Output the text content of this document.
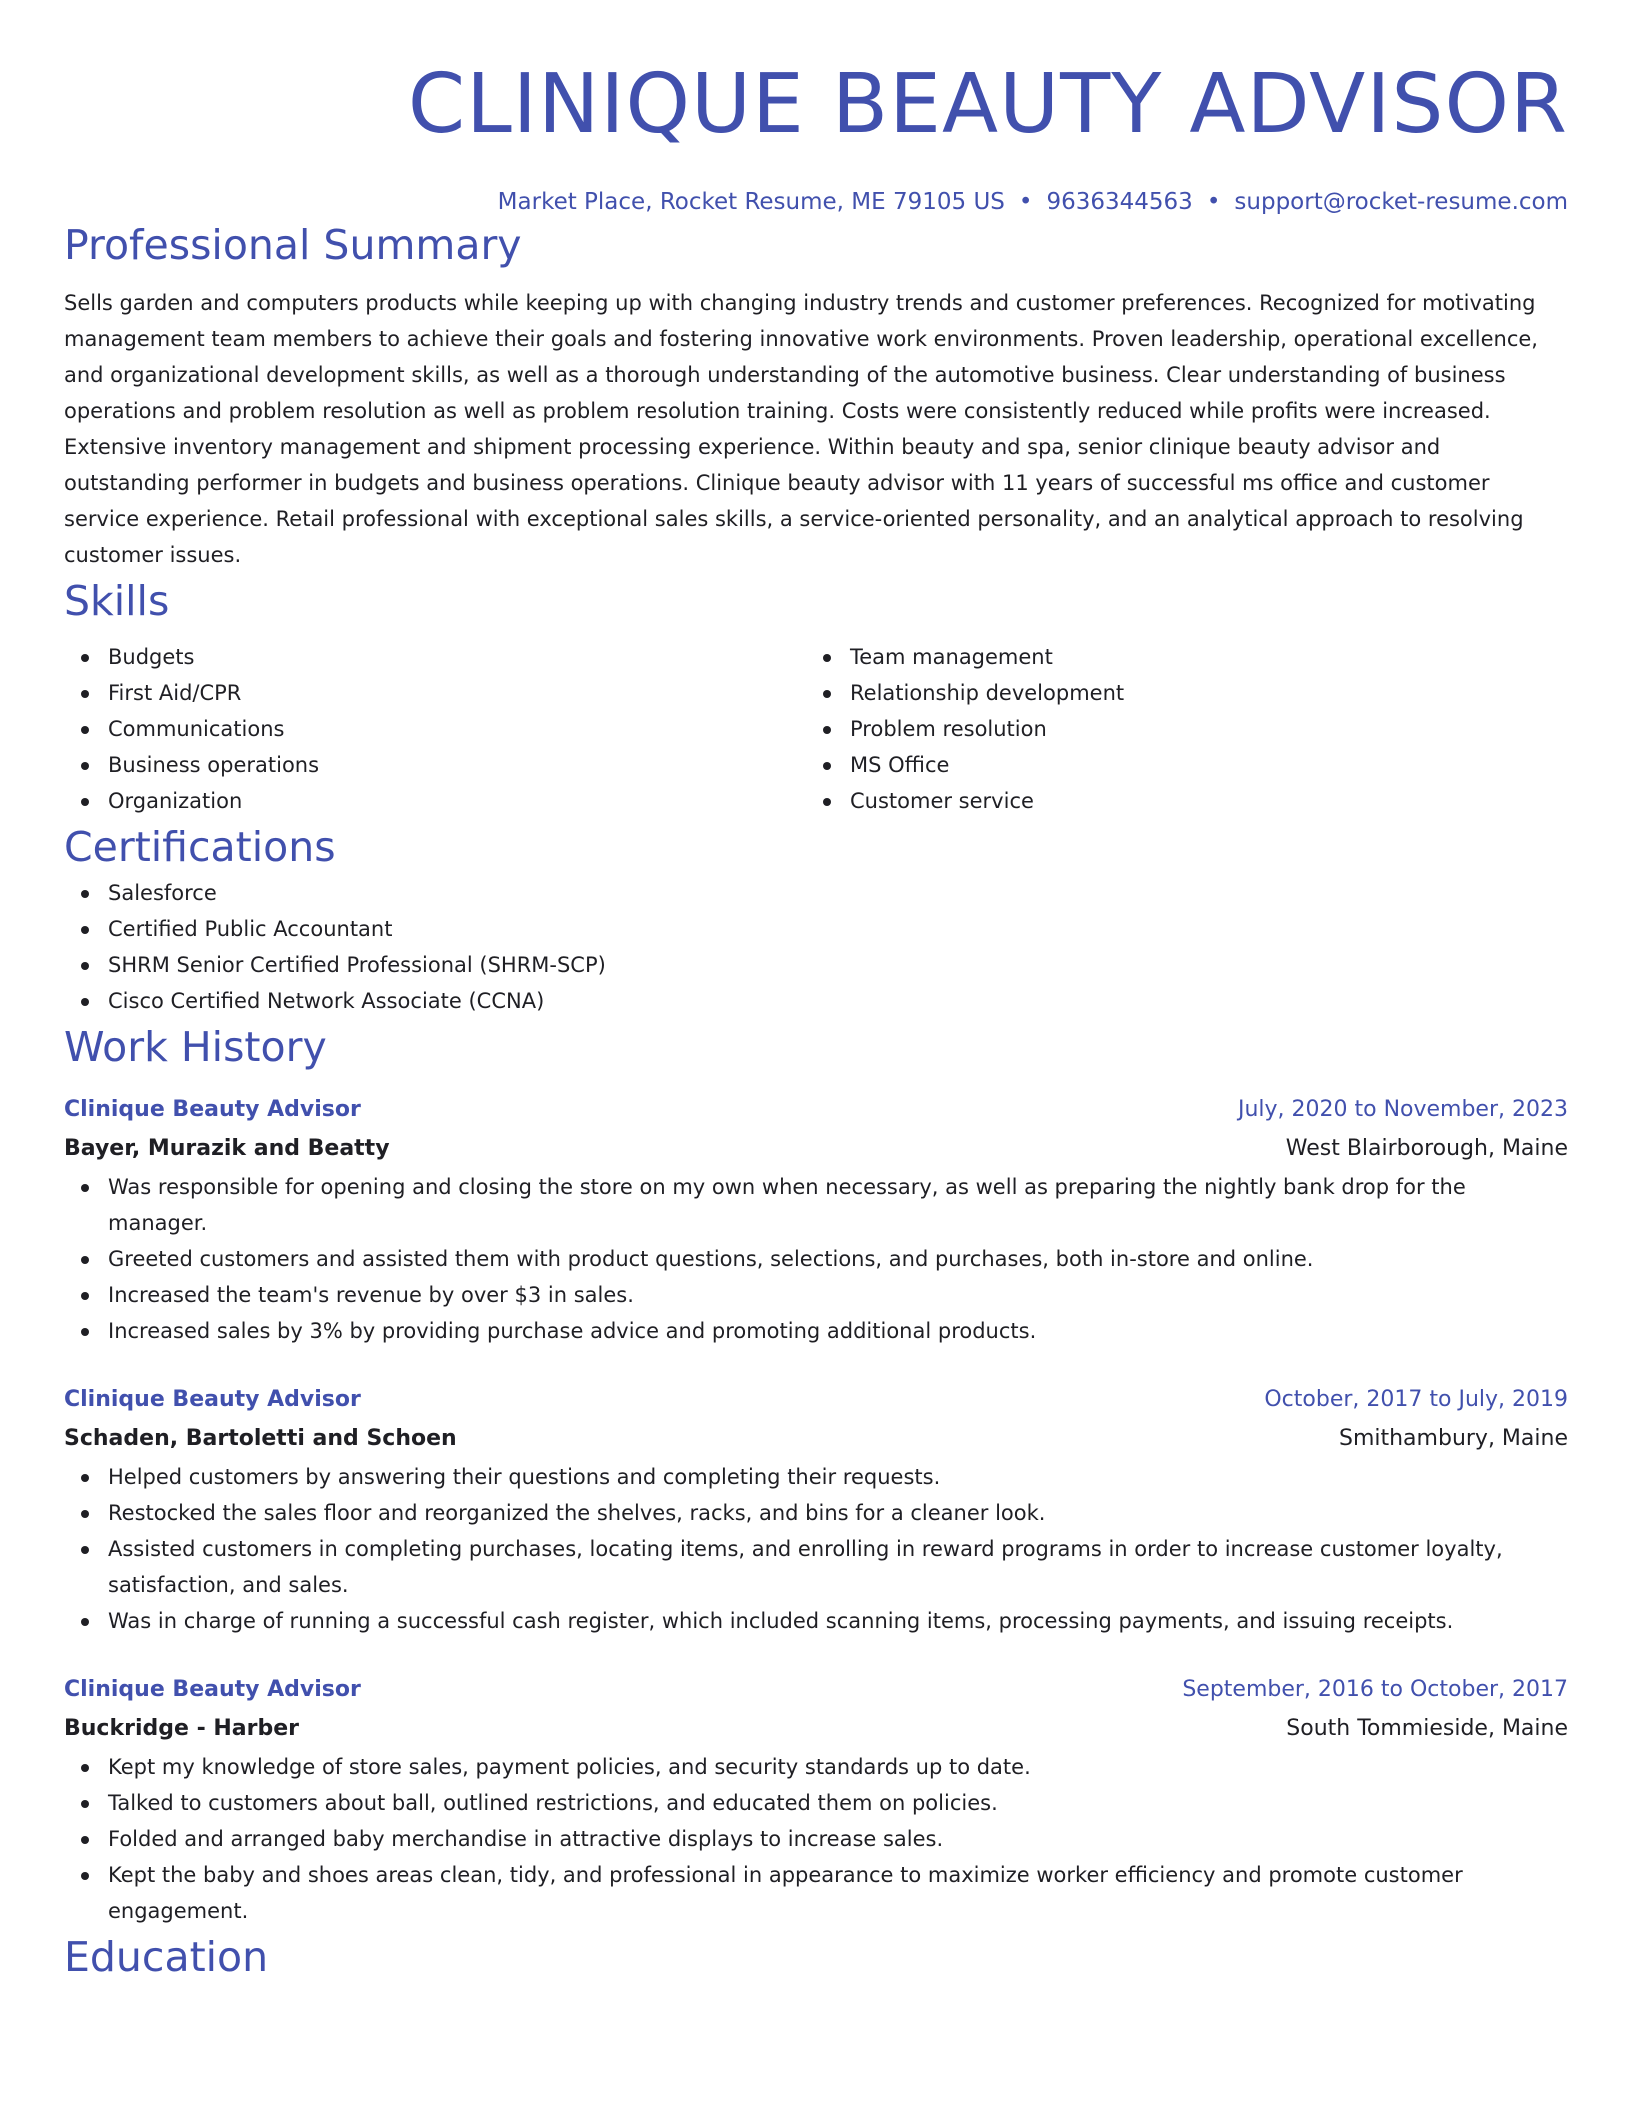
CLINIQUE BEAUTY ADVISOR
Market Place, Rocket Resume, ME 79105 US • 9636344563 • support@rocket-resume.com
Professional Summary
Sells garden and computers products while keeping up with changing industry trends and customer preferences. Recognized for motivating management team members to achieve their goals and fostering innovative work environments. Proven leadership, operational excellence, and organizational development skills, as well as a thorough understanding of the automotive business. Clear understanding of business operations and problem resolution as well as problem resolution training. Costs were consistently reduced while profits were increased. Extensive inventory management and shipment processing experience. Within beauty and spa, senior clinique beauty advisor and outstanding performer in budgets and business operations. Clinique beauty advisor with 11 years of successful ms office and customer service experience. Retail professional with exceptional sales skills, a service-oriented personality, and an analytical approach to resolving customer issues.
Skills
Budgets
First Aid/CPR
Communications
Business operations
Organization
Team management
Relationship development
Problem resolution
MS Office
Customer service
Certifications
Salesforce
Certified Public Accountant
SHRM Senior Certified Professional (SHRM-SCP)
Cisco Certified Network Associate (CCNA)
Work History
Clinique Beauty Advisor	July, 2020 to November, 2023
Bayer, Murazik and Beatty	West Blairborough, Maine
Was responsible for opening and closing the store on my own when necessary, as well as preparing the nightly bank drop for the manager.
Greeted customers and assisted them with product questions, selections, and purchases, both in-store and online.
Increased the team's revenue by over $3 in sales.
Increased sales by 3% by providing purchase advice and promoting additional products.
Clinique Beauty Advisor	October, 2017 to July, 2019
Schaden, Bartoletti and Schoen	Smithambury, Maine
Helped customers by answering their questions and completing their requests.
Restocked the sales floor and reorganized the shelves, racks, and bins for a cleaner look.
Assisted customers in completing purchases, locating items, and enrolling in reward programs in order to increase customer loyalty, satisfaction, and sales.
Was in charge of running a successful cash register, which included scanning items, processing payments, and issuing receipts.
Clinique Beauty Advisor	September, 2016 to October, 2017
Buckridge - Harber	South Tommieside, Maine
Kept my knowledge of store sales, payment policies, and security standards up to date.
Talked to customers about ball, outlined restrictions, and educated them on policies.
Folded and arranged baby merchandise in attractive displays to increase sales.
Kept the baby and shoes areas clean, tidy, and professional in appearance to maximize worker efficiency and promote customer engagement.
Education
